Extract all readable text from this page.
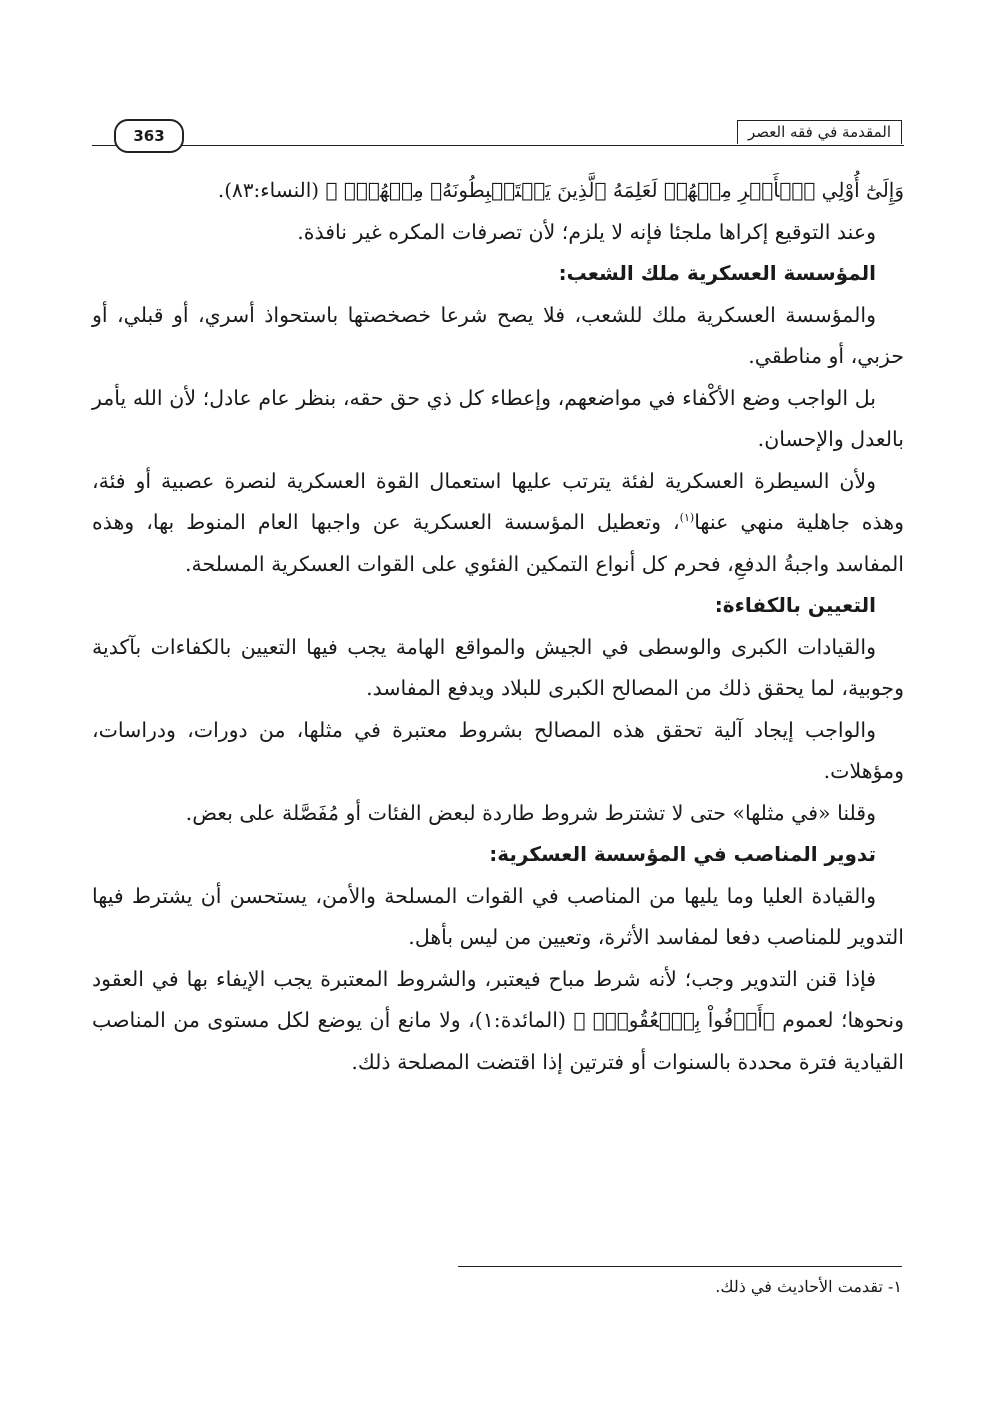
المقدمة في فقه العصر
363

وَإِلَىٰٓ أُوْلِي ٱلۡأَمۡرِ مِنۡهُمۡ لَعَلِمَهُ ٱلَّذِينَ يَسۡتَنۢبِطُونَهُۥ مِنۡهُمۡۗ ﴾ (النساء:٨٣).

وعند التوقيع إكراها ملجئا فإنه لا يلزم؛ لأن تصرفات المكره غير نافذة.

المؤسسة العسكرية ملك الشعب:

والمؤسسة العسكرية ملك للشعب، فلا يصح شرعا خصخصتها باستحواذ أسري، أو قبلي، أو حزبي، أو مناطقي.

بل الواجب وضع الأكْفاء في مواضعهم، وإعطاء كل ذي حق حقه، بنظر عام عادل؛ لأن الله يأمر بالعدل والإحسان.

ولأن السيطرة العسكرية لفئة يترتب عليها استعمال القوة العسكرية لنصرة عصبية أو فئة، وهذه جاهلية منهي عنها$^{(١)}$، وتعطيل المؤسسة العسكرية عن واجبها العام المنوط بها، وهذه المفاسد واجبةُ الدفعِ، فحرم كل أنواع التمكين الفئوي على القوات العسكرية المسلحة.

التعيين بالكفاءة:

والقيادات الكبرى والوسطى في الجيش والمواقع الهامة يجب فيها التعيين بالكفاءات بآكدية وجوبية، لما يحقق ذلك من المصالح الكبرى للبلاد ويدفع المفاسد.

والواجب إيجاد آلية تحقق هذه المصالح بشروط معتبرة في مثلها، من دورات، ودراسات، ومؤهلات.

وقلنا «في مثلها» حتى لا تشترط شروط طاردة لبعض الفئات أو مُفَصَّلة على بعض.

تدوير المناصب في المؤسسة العسكرية:

والقيادة العليا وما يليها من المناصب في القوات المسلحة والأمن، يستحسن أن يشترط فيها التدوير للمناصب دفعا لمفاسد الأثرة، وتعيين من ليس بأهل.

فإذا قنن التدوير وجب؛ لأنه شرط مباح فيعتبر، والشروط المعتبرة يجب الإيفاء بها في العقود ونحوها؛ لعموم ﴿أَوۡفُواْ بِٱلۡعُقُودِۚ ﴾ (المائدة:١)، ولا مانع أن يوضع لكل مستوى من المناصب القيادية فترة محددة بالسنوات أو فترتين إذا اقتضت المصلحة ذلك.

١- تقدمت الأحاديث في ذلك.
